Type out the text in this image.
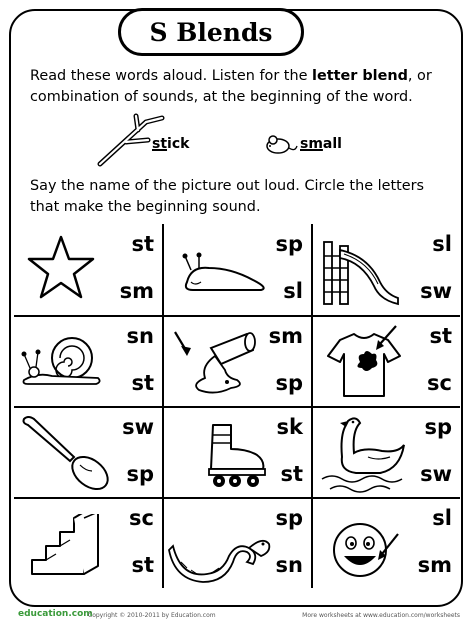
S Blends
Read these words aloud. Listen for the letter blend, or combination of sounds, at the beginning of the word.
stick	small
Say the name of the picture out loud. Circle the letters that make the beginning sound.
st
sm
sp
sl
sl
sw
sn
st
sm
sp
st
sc
sw
sp
sk
st
sp
sw
sc
st
sp
sn
sl
sm
education.com
Copyright © 2010-2011 by Education.com	More worksheets at www.education.com/worksheets
